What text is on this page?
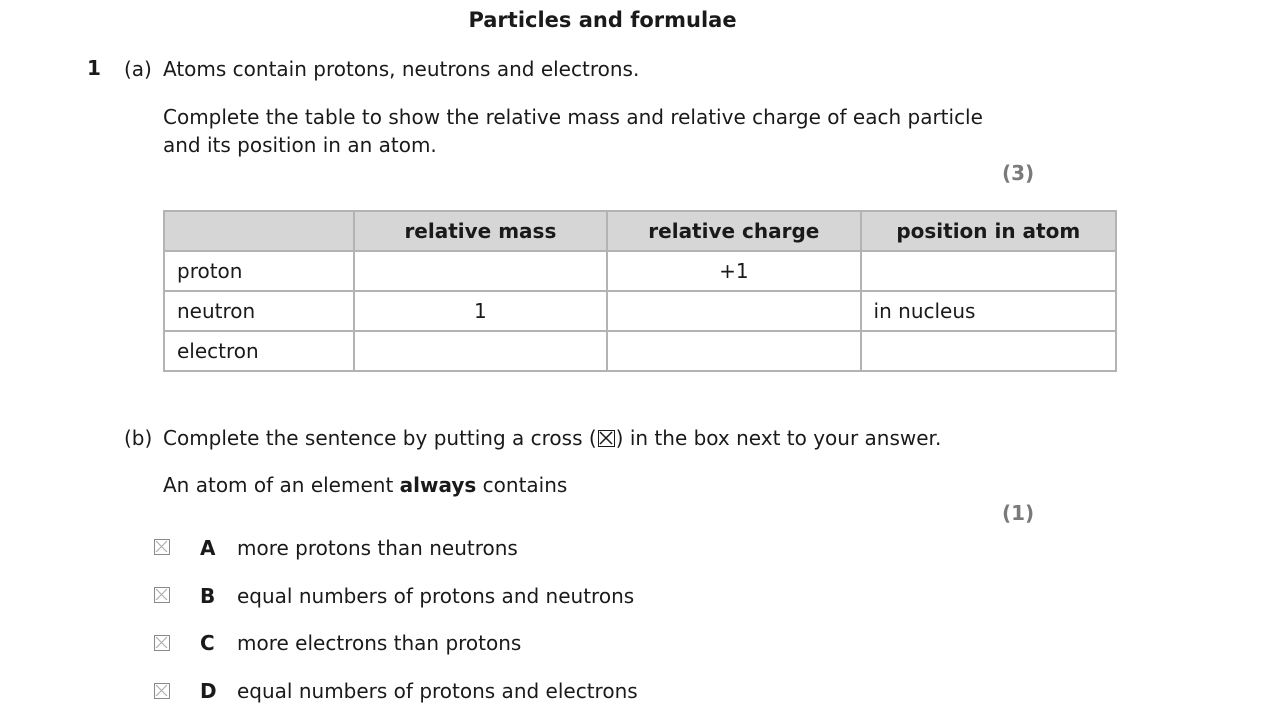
Particles and formulae
1 (a) Atoms contain protons, neutrons and electrons.
Complete the table to show the relative mass and relative charge of each particle
and its position in an atom.
(3)
	relative mass	relative charge	position in atom
proton		+1	
neutron	1		in nucleus
electron			
(b) Complete the sentence by putting a cross (☒) in the box next to your answer.
An atom of an element always contains
(1)
A more protons than neutrons
B equal numbers of protons and neutrons
C more electrons than protons
D equal numbers of protons and electrons
